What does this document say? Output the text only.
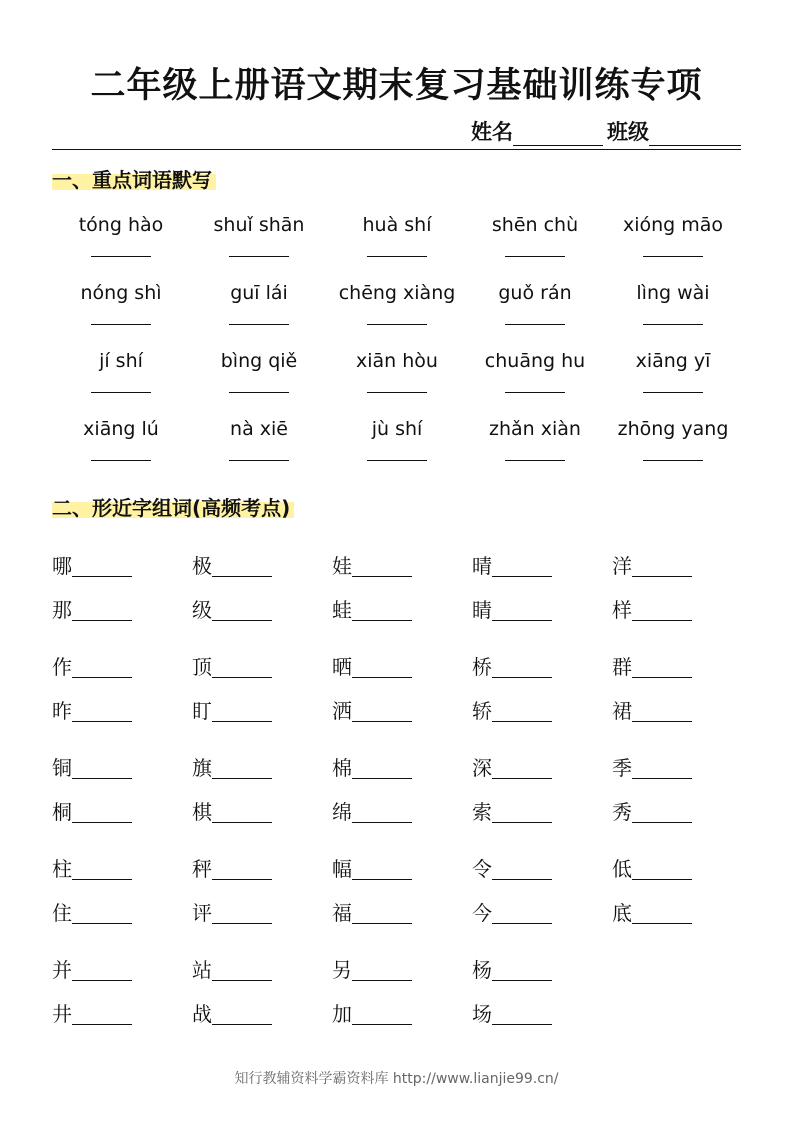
二年级上册语文期末复习基础训练专项
姓名	班级
一、重点词语默写
tóng hào	shuǐ shān	huà shí	shēn chù	xióng māo
nóng shì	guī lái	chēng xiàng	guǒ rán	lìng wài
jí shí	bìng qiě	xiān hòu	chuāng hu	xiāng yī
xiāng lú	nà xiē	jù shí	zhǎn xiàn	zhōng yang
二、形近字组词(高频考点)
哪	极	娃	晴	洋
那	级	蛙	睛	样
作	顶	晒	桥	群
昨	盯	洒	轿	裙
铜	旗	棉	深	季
桐	棋	绵	索	秀
柱	秤	幅	令	低
住	评	福	今	底
并	站	另	杨
井	战	加	场
知行教辅资料学霸资料库 http://www.lianjie99.cn/
